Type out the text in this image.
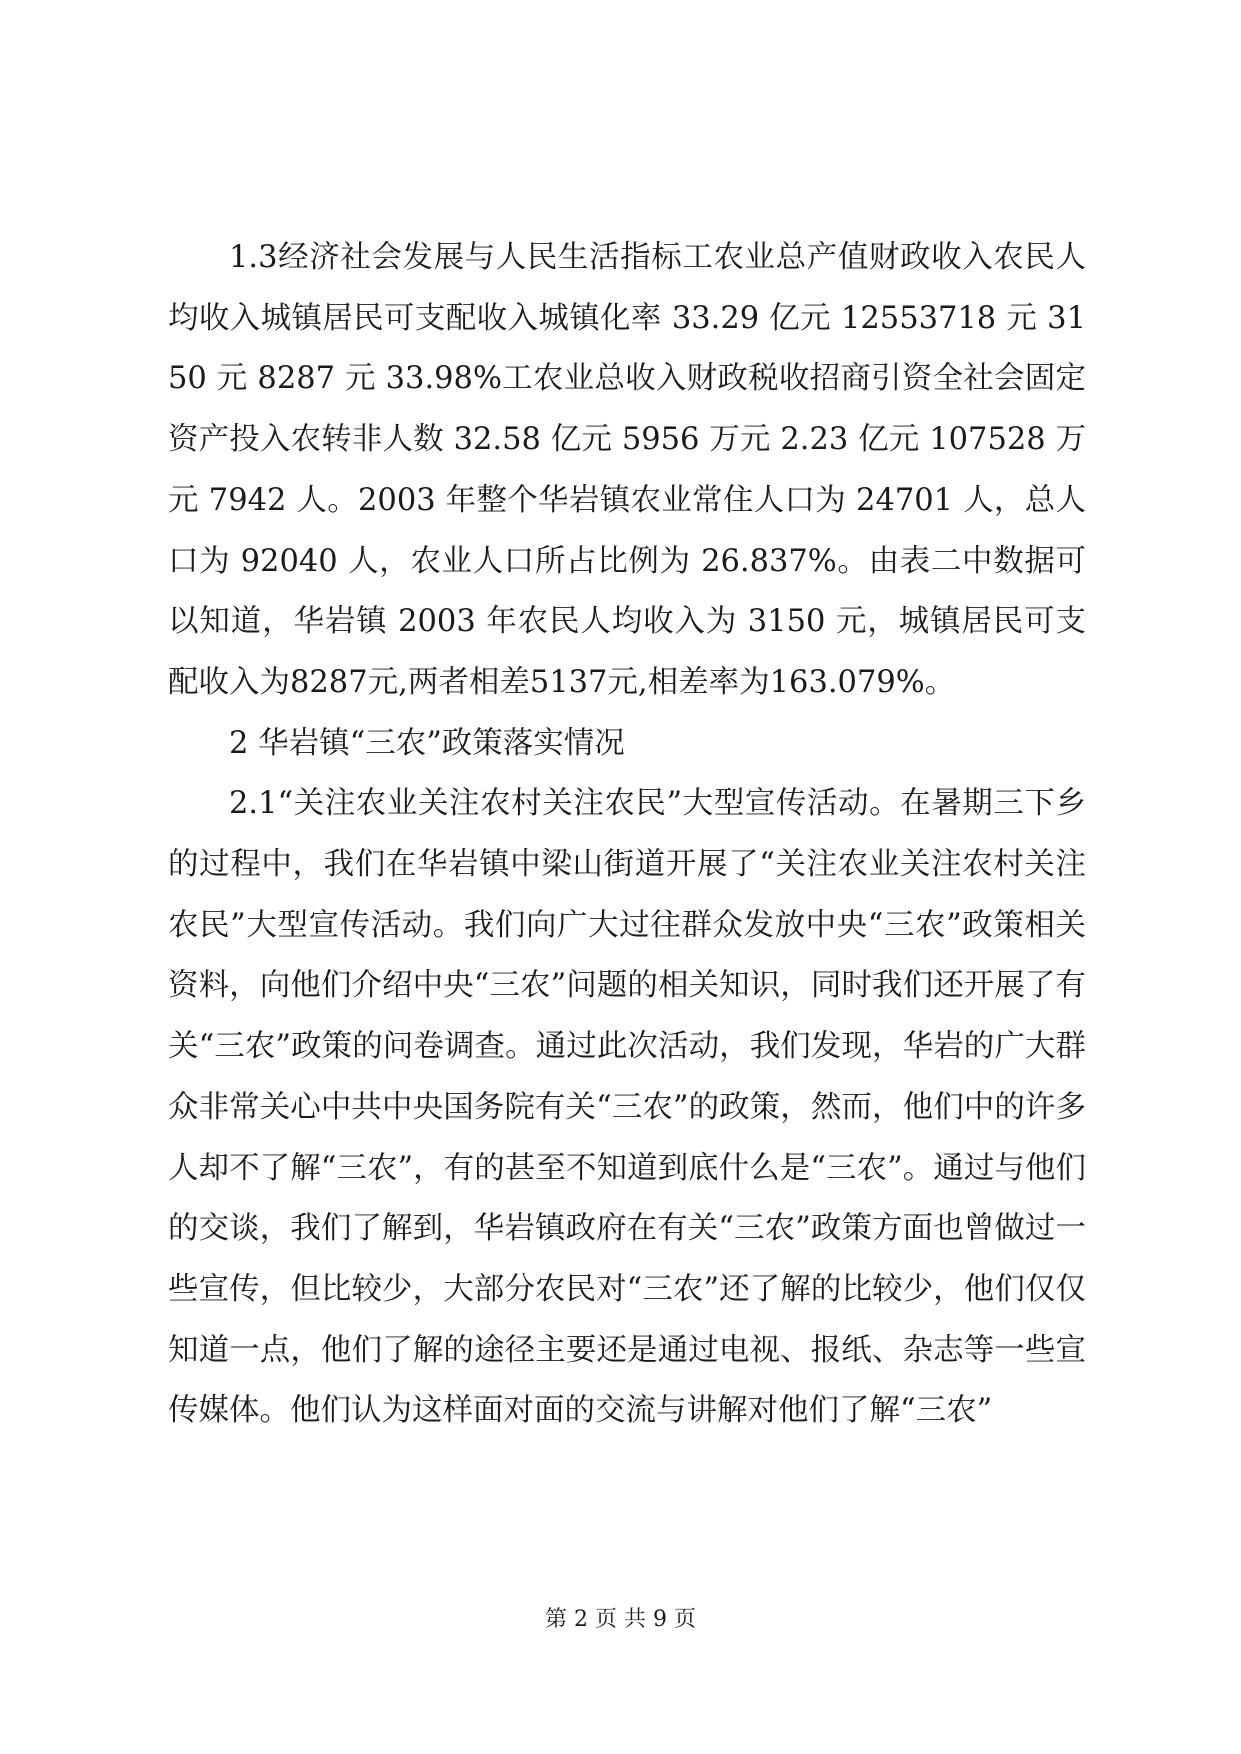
1.3经济社会发展与人民生活指标工农业总产值财政收入农民人均收入城镇居民可支配收入城镇化率 33.29 亿元 12553718 元 3150 元 8287 元 33.98%工农业总收入财政税收招商引资全社会固定资产投入农转非人数 32.58 亿元 5956 万元 2.23 亿元 107528 万元 7942 人。2003 年整个华岩镇农业常住人口为 24701 人，总人口为 92040 人，农业人口所占比例为 26.837%。由表二中数据可以知道，华岩镇 2003 年农民人均收入为 3150 元，城镇居民可支配收入为8287元,两者相差5137元,相差率为163.079%。

2 华岩镇“三农”政策落实情况

2.1“关注农业关注农村关注农民”大型宣传活动。在暑期三下乡的过程中，我们在华岩镇中梁山街道开展了“关注农业关注农村关注农民”大型宣传活动。我们向广大过往群众发放中央“三农”政策相关资料，向他们介绍中央“三农”问题的相关知识，同时我们还开展了有关“三农”政策的问卷调查。通过此次活动，我们发现，华岩的广大群众非常关心中共中央国务院有关“三农”的政策，然而，他们中的许多人却不了解“三农”，有的甚至不知道到底什么是“三农”。通过与他们的交谈，我们了解到，华岩镇政府在有关“三农”政策方面也曾做过一些宣传，但比较少，大部分农民对“三农”还了解的比较少，他们仅仅知道一点，他们了解的途径主要还是通过电视、报纸、杂志等一些宣传媒体。他们认为这样面对面的交流与讲解对他们了解“三农”

第 2 页 共 9 页
